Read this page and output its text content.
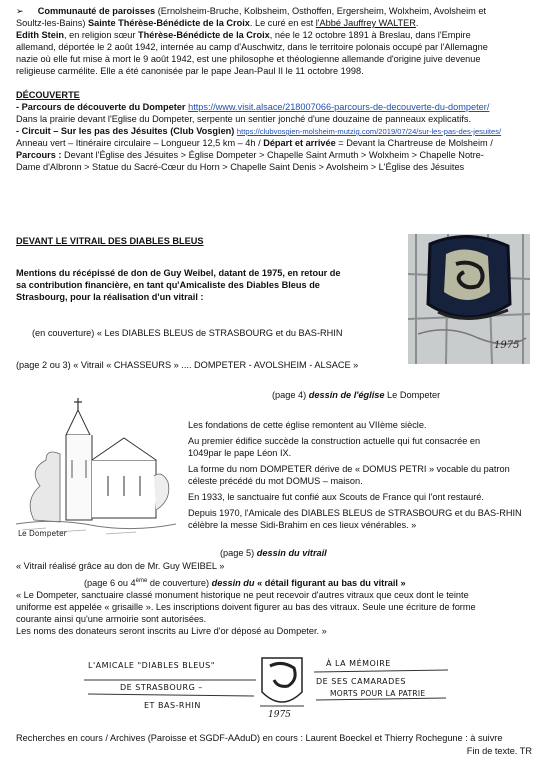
➢ Communauté de paroisses (Ernolsheim-Bruche, Kolbsheim, Osthoffen, Ergersheim, Wolxheim, Avolsheim et
Soultz-les-Bains) Sainte Thérèse-Bénédicte de la Croix. Le curé en est l'Abbé Jauffrey WALTER.
Edith Stein, en religion sœur Thérèse-Bénédicte de la Croix, née le 12 octobre 1891 à Breslau, dans l'Empire
allemand, déportée le 2 août 1942, internée au camp d'Auschwitz, dans le territoire polonais occupé par l'Allemagne
nazie où elle fut mise à mort le 9 août 1942, est une philosophe et théologienne allemande d'origine juive devenue
religieuse carmélite. Elle a été canonisée par le pape Jean-Paul II le 11 octobre 1998.
DÉCOUVERTE
- Parcours de découverte du Dompeter https://www.visit.alsace/218007066-parcours-de-decouverte-du-dompeter/
Dans la prairie devant l'Eglise du Dompeter, serpente un sentier jonché d'une douzaine de panneaux explicatifs.
- Circuit – Sur les pas des Jésuites (Club Vosgien) https://clubvosgien-molsheim-mutzig.com/2019/07/24/sur-les-pas-des-jesuites/
Anneau vert – Itinéraire circulaire – Longueur 12,5 km – 4h / Départ et arrivée = Devant la Chartreuse de Molsheim /
Parcours : Devant l'Église des Jésuites > Église Dompeter > Chapelle Saint Armuth > Wolxheim > Chapelle Notre-
Dame d'Albronn > Statue du Sacré-Cœur du Horn > Chapelle Saint Denis > Avolsheim > L'Église des Jésuites
DEVANT LE VITRAIL DES DIABLES BLEUS
Mentions du récépissé de don de Guy Weibel, datant de 1975, en retour de
sa contribution financière, en tant qu'Amicaliste des Diables Bleus de
Strasbourg, pour la réalisation d'un vitrail :
(en couverture) « Les DIABLES BLEUS de STRASBOURG et du BAS-RHIN
(page 2 ou 3) « Vitrail « CHASSEURS » .... DOMPETER - AVOLSHEIM - ALSACE »
(page 4) dessin de l'église Le Dompeter
1975
Le Dompeter
Les fondations de cette église remontent au VIIème siècle.
Au premier édifice succède la construction actuelle qui fut consacrée en
1049par le pape Léon IX.
La forme du nom DOMPETER dérive de « DOMUS PETRI » vocable du patron
céleste précédé du mot DOMUS – maison.
En 1933, le sanctuaire fut confié aux Scouts de France qui l'ont restauré.
Depuis 1970, l'Amicale des DIABLES BLEUS de STRASBOURG et du BAS-RHIN
célèbre la messe Sidi-Brahim en ces lieux vénérables. »
(page 5) dessin du vitrail
« Vitrail réalisé grâce au don de Mr. Guy WEIBEL »
(page 6 ou 4ème de couverture) dessin du « détail figurant au bas du vitrail »
« Le Dompeter, sanctuaire classé monument historique ne peut recevoir d'autres vitraux que ceux dont le teinte
uniforme est appelée « grisaille ». Les inscriptions doivent figurer au bas des vitraux. Seule une écriture de forme
courante ainsi qu'une armoirie sont autorisées.
Les noms des donateurs seront inscrits au Livre d'or déposé au Dompeter. »
L'AMICALE "DIABLES BLEUS"
DE STRASBOURG –
ET BAS-RHIN
À LA MÉMOIRE
DE SES CAMARADES
MORTS POUR LA PATRIE
1975
Recherches en cours / Archives (Paroisse et SGDF-AAduD) en cours : Laurent Boeckel et Thierry Rochegune : à suivre
Fin de texte. TR
